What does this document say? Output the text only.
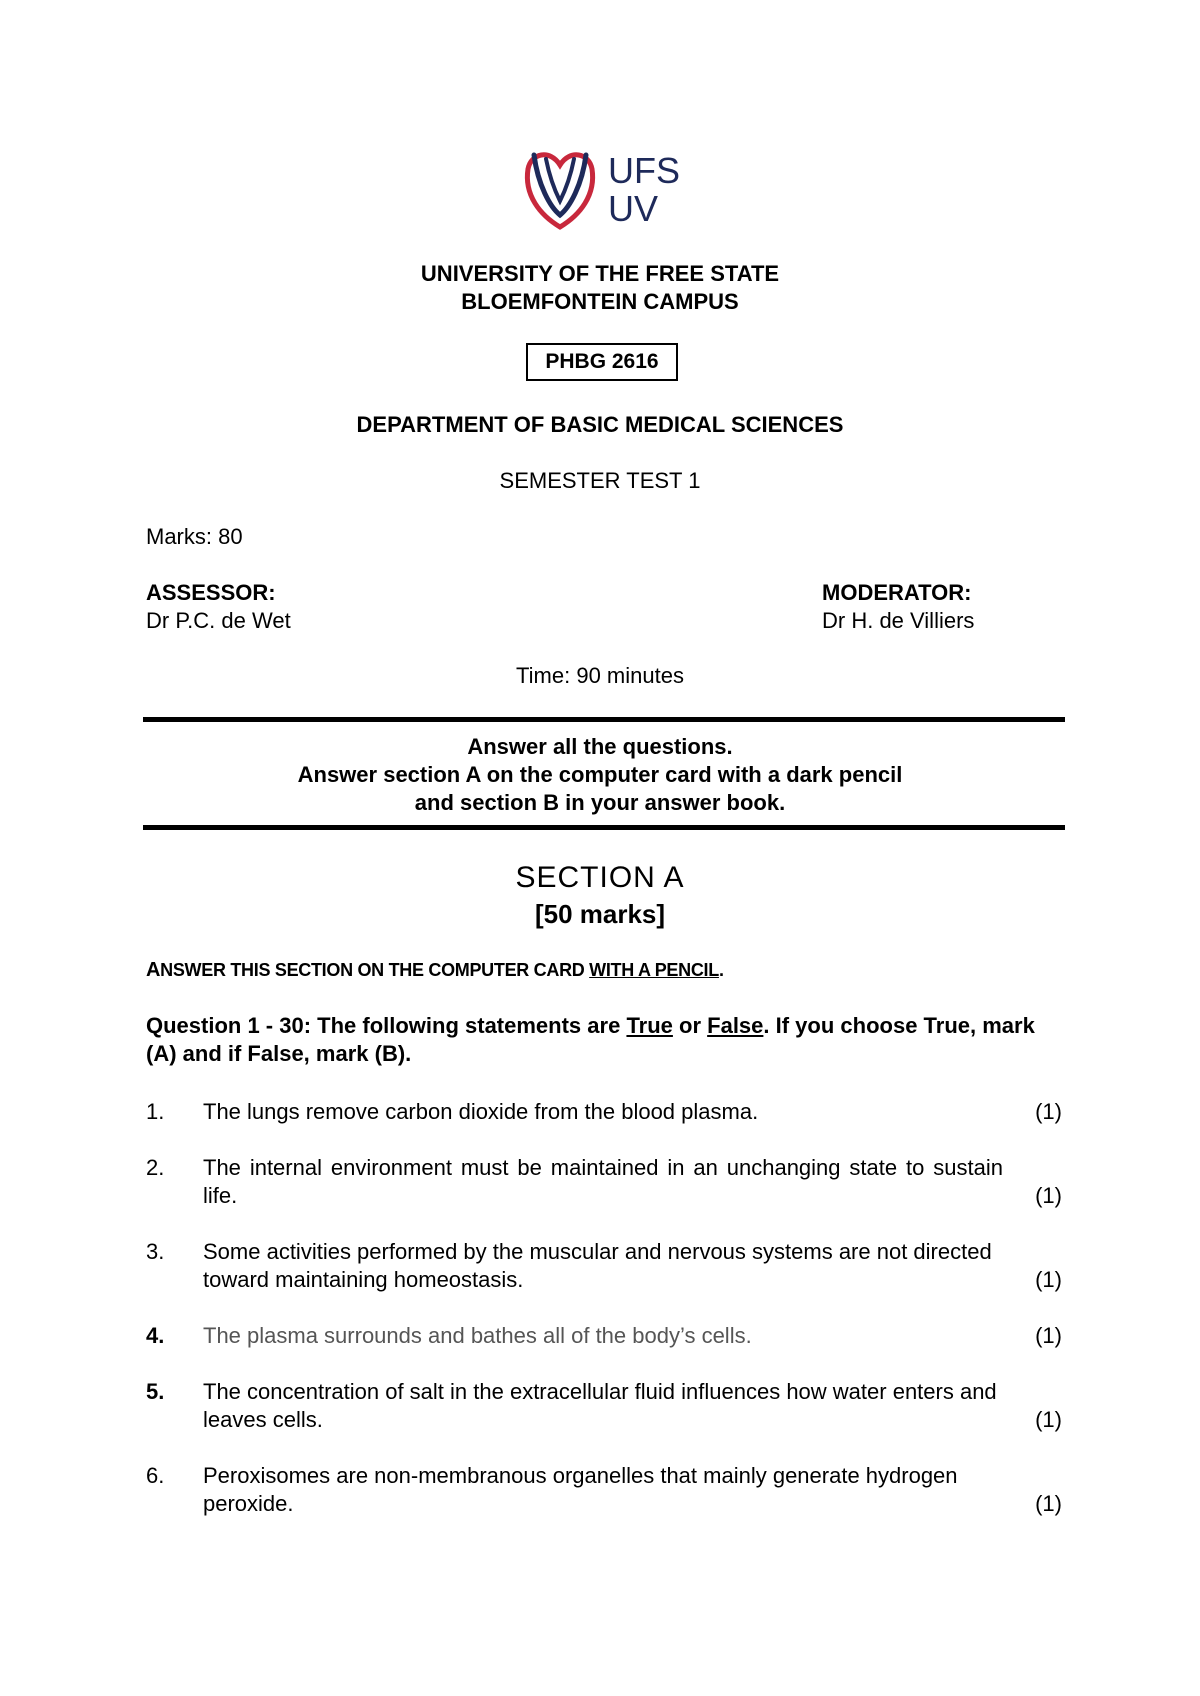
UFS
UV
UNIVERSITY OF THE FREE STATE
BLOEMFONTEIN CAMPUS
PHBG 2616
DEPARTMENT OF BASIC MEDICAL SCIENCES
SEMESTER TEST 1
Marks: 80
ASSESSOR:
Dr P.C. de Wet
MODERATOR:
Dr H. de Villiers
Time: 90 minutes
Answer all the questions.
Answer section A on the computer card with a dark pencil
and section B in your answer book.
SECTION A
[50 marks]
ANSWER THIS SECTION ON THE COMPUTER CARD WITH A PENCIL.
Question 1 - 30: The following statements are True or False. If you choose True, mark (A) and if False, mark (B).
1. The lungs remove carbon dioxide from the blood plasma.	(1)
2. The internal environment must be maintained in an unchanging state to sustain life.	(1)
3. Some activities performed by the muscular and nervous systems are not directed toward maintaining homeostasis.	(1)
4. The plasma surrounds and bathes all of the body’s cells.	(1)
5. The concentration of salt in the extracellular fluid influences how water enters and leaves cells.	(1)
6. Peroxisomes are non-membranous organelles that mainly generate hydrogen peroxide.	(1)
